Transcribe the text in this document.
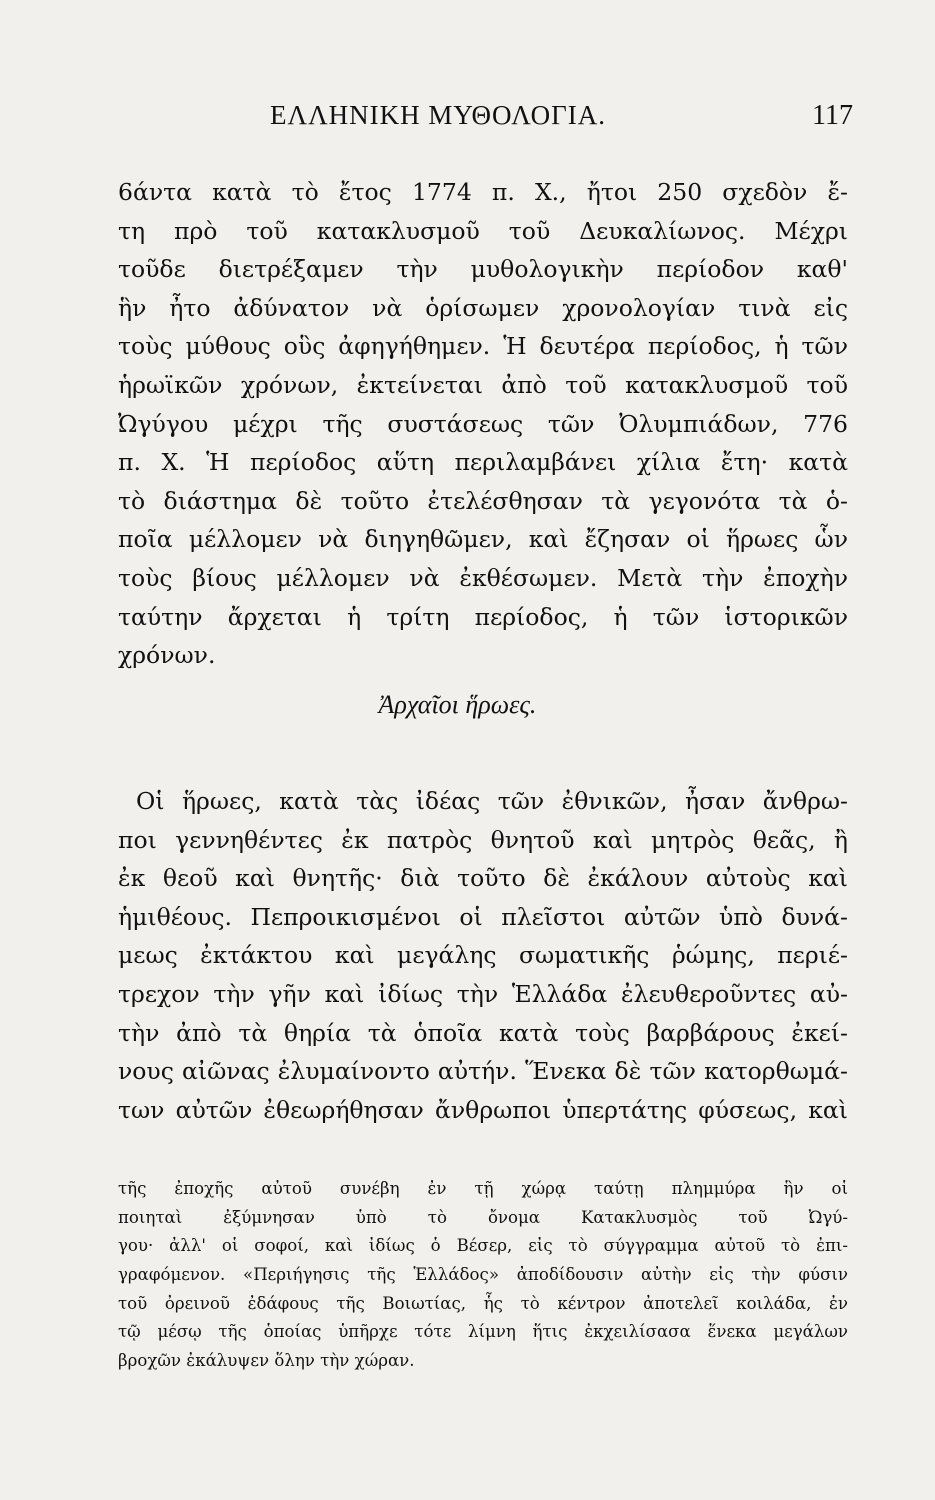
ΕΛΛΗΝΙΚΗ ΜΥΘΟΛΟΓΙΑ.	117
6άντα κατὰ τὸ ἔτος 1774 π. Χ., ἤτοι 250 σχεδὸν ἔ-
τη πρὸ τοῦ κατακλυσμοῦ τοῦ Δευκαλίωνος. Μέχρι
τοῦδε διετρέξαμεν τὴν μυθολογικὴν περίοδον καθ'
ἣν ἦτο ἀδύνατον νὰ ὁρίσωμεν χρονολογίαν τινὰ εἰς
τοὺς μύθους οὓς ἀφηγήθημεν. Ἡ δευτέρα περίοδος, ἡ τῶν
ἡρωϊκῶν χρόνων, ἐκτείνεται ἀπὸ τοῦ κατακλυσμοῦ τοῦ
Ὠγύγου μέχρι τῆς συστάσεως τῶν Ὀλυμπιάδων, 776
π. Χ. Ἡ περίοδος αὕτη περιλαμβάνει χίλια ἔτη· κατὰ
τὸ διάστημα δὲ τοῦτο ἐτελέσθησαν τὰ γεγονότα τὰ ὁ-
ποῖα μέλλομεν νὰ διηγηθῶμεν, καὶ ἔζησαν οἱ ἥρωες ὧν
τοὺς βίους μέλλομεν νὰ ἐκθέσωμεν. Μετὰ τὴν ἐποχὴν
ταύτην ἄρχεται ἡ τρίτη περίοδος, ἡ τῶν ἱστορικῶν
χρόνων.
Ἀρχαῖοι ἥρωες.
Οἱ ἥρωες, κατὰ τὰς ἰδέας τῶν ἐθνικῶν, ἦσαν ἄνθρω-
ποι γεννηθέντες ἐκ πατρὸς θνητοῦ καὶ μητρὸς θεᾶς, ἢ
ἐκ θεοῦ καὶ θνητῆς· διὰ τοῦτο δὲ ἐκάλουν αὐτοὺς καὶ
ἡμιθέους. Πεπροικισμένοι οἱ πλεῖστοι αὐτῶν ὑπὸ δυνά-
μεως ἐκτάκτου καὶ μεγάλης σωματικῆς ῥώμης, περιέ-
τρεχον τὴν γῆν καὶ ἰδίως τὴν Ἑλλάδα ἐλευθεροῦντες αὐ-
τὴν ἀπὸ τὰ θηρία τὰ ὁποῖα κατὰ τοὺς βαρβάρους ἐκεί-
νους αἰῶνας ἐλυμαίνοντο αὐτήν. Ἕνεκα δὲ τῶν κατορθωμά-
των αὐτῶν ἐθεωρήθησαν ἄνθρωποι ὑπερτάτης φύσεως, καὶ
τῆς ἐποχῆς αὐτοῦ συνέβη ἐν τῇ χώρᾳ ταύτῃ πλημμύρα ἣν οἱ
ποιηταὶ ἐξύμνησαν ὑπὸ τὸ ὄνομα Κατακλυσμὸς τοῦ Ὠγύ-
γου· ἀλλ' οἱ σοφοί, καὶ ἰδίως ὁ Βέσερ, εἰς τὸ σύγγραμμα αὐτοῦ τὸ ἐπι-
γραφόμενον. «Περιήγησις τῆς Ἑλλάδος» ἀποδίδουσιν αὐτὴν εἰς τὴν φύσιν
τοῦ ὀρεινοῦ ἐδάφους τῆς Βοιωτίας, ἧς τὸ κέντρον ἀποτελεῖ κοιλάδα, ἐν
τῷ μέσῳ τῆς ὁποίας ὑπῆρχε τότε λίμνη ἥτις ἐκχειλίσασα ἕνεκα μεγάλων
βροχῶν ἐκάλυψεν ὅλην τὴν χώραν.
